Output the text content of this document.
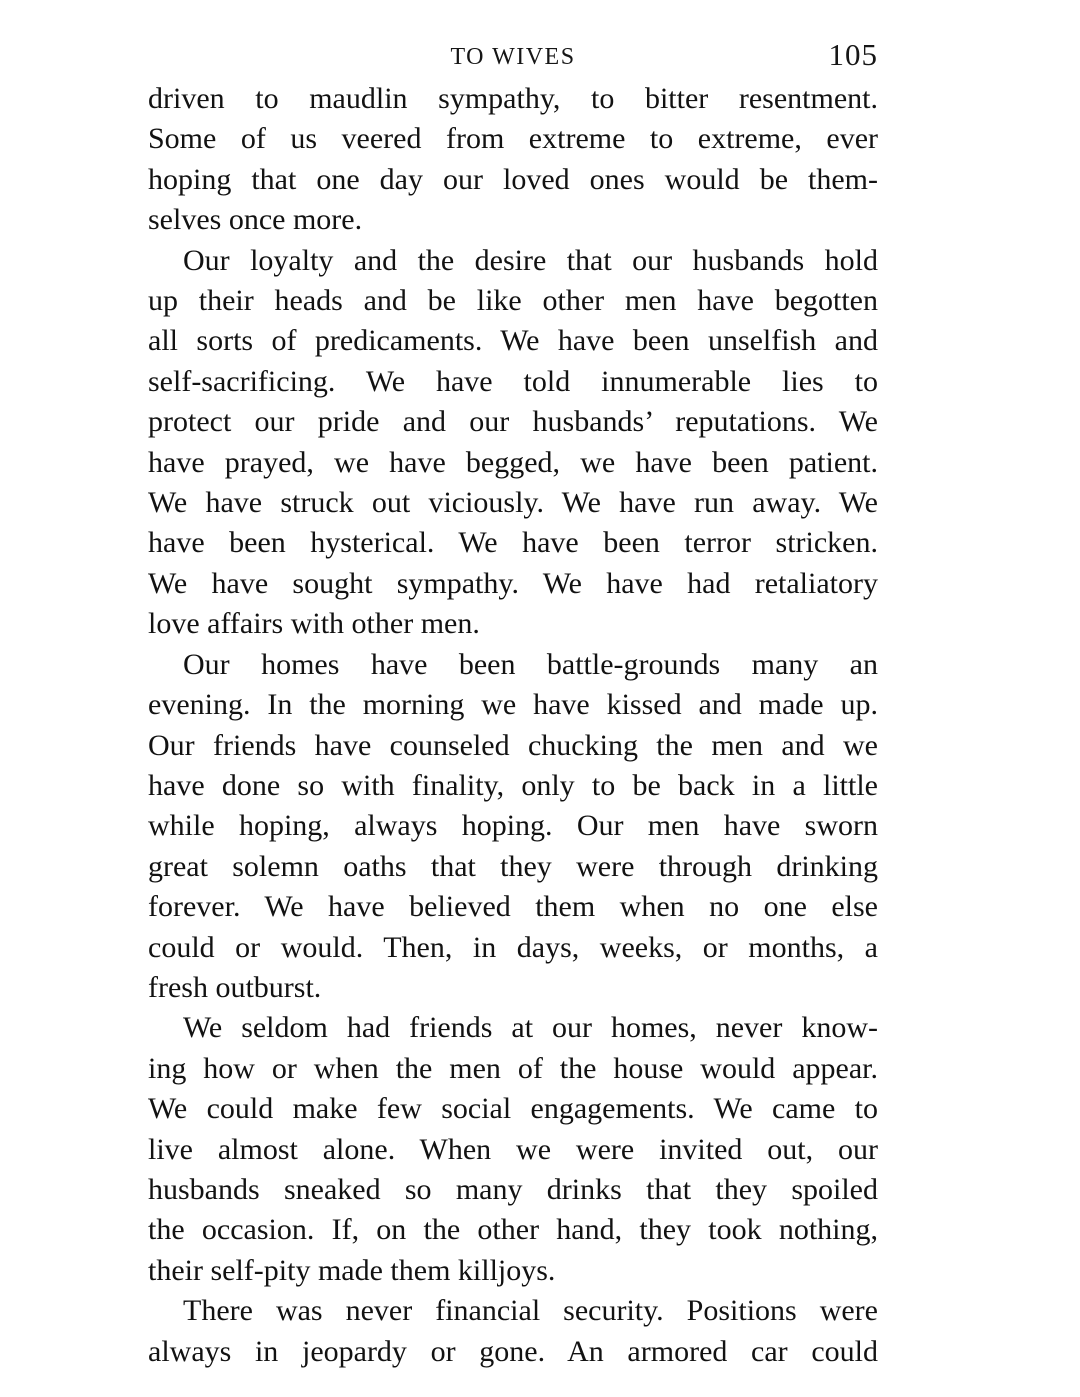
TO WIVES	105
driven to maudlin sympathy, to bitter resentment.
Some of us veered from extreme to extreme, ever
hoping that one day our loved ones would be them-
selves once more.
Our loyalty and the desire that our husbands hold
up their heads and be like other men have begotten
all sorts of predicaments. We have been unselfish and
self-sacrificing. We have told innumerable lies to
protect our pride and our husbands’ reputations. We
have prayed, we have begged, we have been patient.
We have struck out viciously. We have run away. We
have been hysterical. We have been terror stricken.
We have sought sympathy. We have had retaliatory
love affairs with other men.
Our homes have been battle-grounds many an
evening. In the morning we have kissed and made up.
Our friends have counseled chucking the men and we
have done so with finality, only to be back in a little
while hoping, always hoping. Our men have sworn
great solemn oaths that they were through drinking
forever. We have believed them when no one else
could or would. Then, in days, weeks, or months, a
fresh outburst.
We seldom had friends at our homes, never know-
ing how or when the men of the house would appear.
We could make few social engagements. We came to
live almost alone. When we were invited out, our
husbands sneaked so many drinks that they spoiled
the occasion. If, on the other hand, they took nothing,
their self-pity made them killjoys.
There was never financial security. Positions were
always in jeopardy or gone. An armored car could
